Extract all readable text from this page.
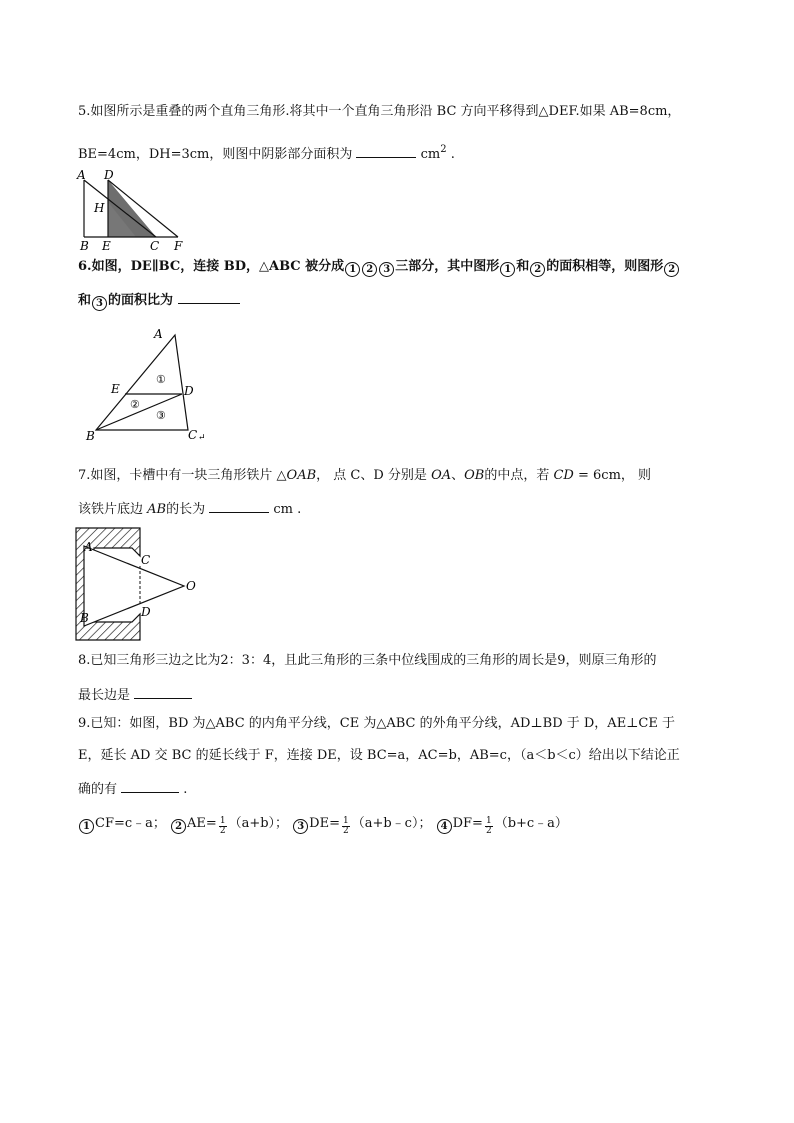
5.如图所示是重叠的两个直角三角形.将其中一个直角三角形沿 BC 方向平移得到△DEF.如果 AB=8cm，
BE=4cm，DH=3cm，则图中阴影部分面积为	$cm^2$ .
A D
H
B E	C F
6.如图，DE∥BC，连接 BD，△ABC 被分成 1 2 3 三部分，其中图形 1 和 2 的面积相等，则图形 2
和 3 的面积比为
A
E	D
B	C ↵
①
②
③
7.如图，卡槽中有一块三角形铁片 △OAB， 点 C、D 分别是 OA、OB的中点，若 CD = 6cm， 则
该铁片底边 AB的长为	cm .
A
B
C
D
O
8.已知三角形三边之比为2：3：4，且此三角形的三条中位线围成的三角形的周长是9，则原三角形的
最长边是
9.已知：如图，BD 为△ABC 的内角平分线，CE 为△ABC 的外角平分线，AD⊥BD 于 D，AE⊥CE 于
E，延长 AD 交 BC 的延长线于 F，连接 DE，设 BC=a，AC=b，AB=c，（a＜b＜c）给出以下结论正
确的有	.
1 CF=c﹣a； 2 $AE= \frac{1}{2} (a+b)$； 3 $DE= \frac{1}{2}$ （a+b﹣c）； 4 $DF= \frac{1}{2}$ （b+c﹣a）
